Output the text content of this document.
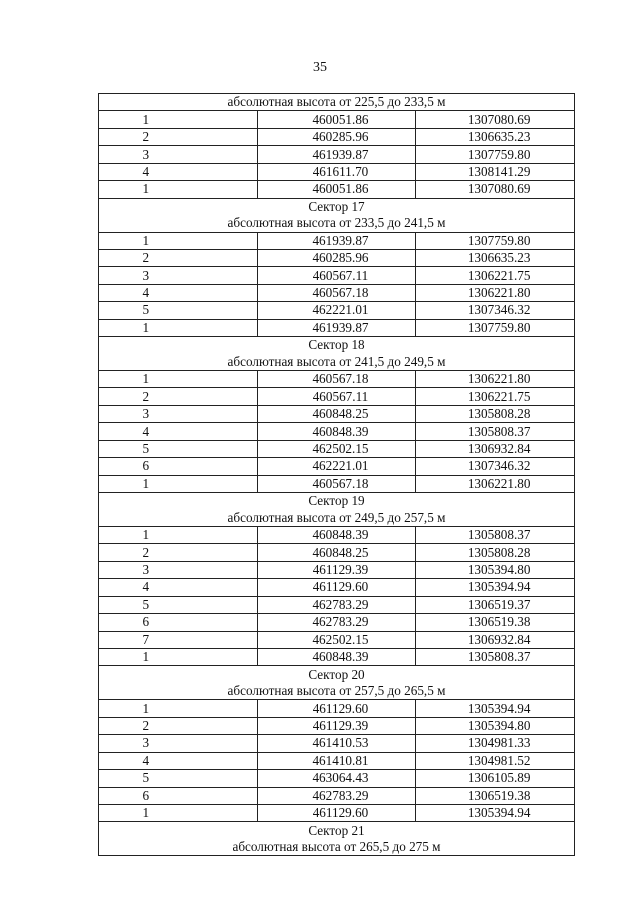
35
абсолютная высота от 225,5 до 233,5 м		
1	460051.86	1307080.69
2	460285.96	1306635.23
3	461939.87	1307759.80
4	461611.70	1308141.29
1	460051.86	1307080.69
Сектор 17		
абсолютная высота от 233,5 до 241,5 м		
1	461939.87	1307759.80
2	460285.96	1306635.23
3	460567.11	1306221.75
4	460567.18	1306221.80
5	462221.01	1307346.32
1	461939.87	1307759.80
Сектор 18		
абсолютная высота от 241,5 до 249,5 м		
1	460567.18	1306221.80
2	460567.11	1306221.75
3	460848.25	1305808.28
4	460848.39	1305808.37
5	462502.15	1306932.84
6	462221.01	1307346.32
1	460567.18	1306221.80
Сектор 19		
абсолютная высота от 249,5 до 257,5 м		
1	460848.39	1305808.37
2	460848.25	1305808.28
3	461129.39	1305394.80
4	461129.60	1305394.94
5	462783.29	1306519.37
6	462783.29	1306519.38
7	462502.15	1306932.84
1	460848.39	1305808.37
Сектор 20		
абсолютная высота от 257,5 до 265,5 м		
1	461129.60	1305394.94
2	461129.39	1305394.80
3	461410.53	1304981.33
4	461410.81	1304981.52
5	463064.43	1306105.89
6	462783.29	1306519.38
1	461129.60	1305394.94
Сектор 21		
абсолютная высота от 265,5 до 275 м		
